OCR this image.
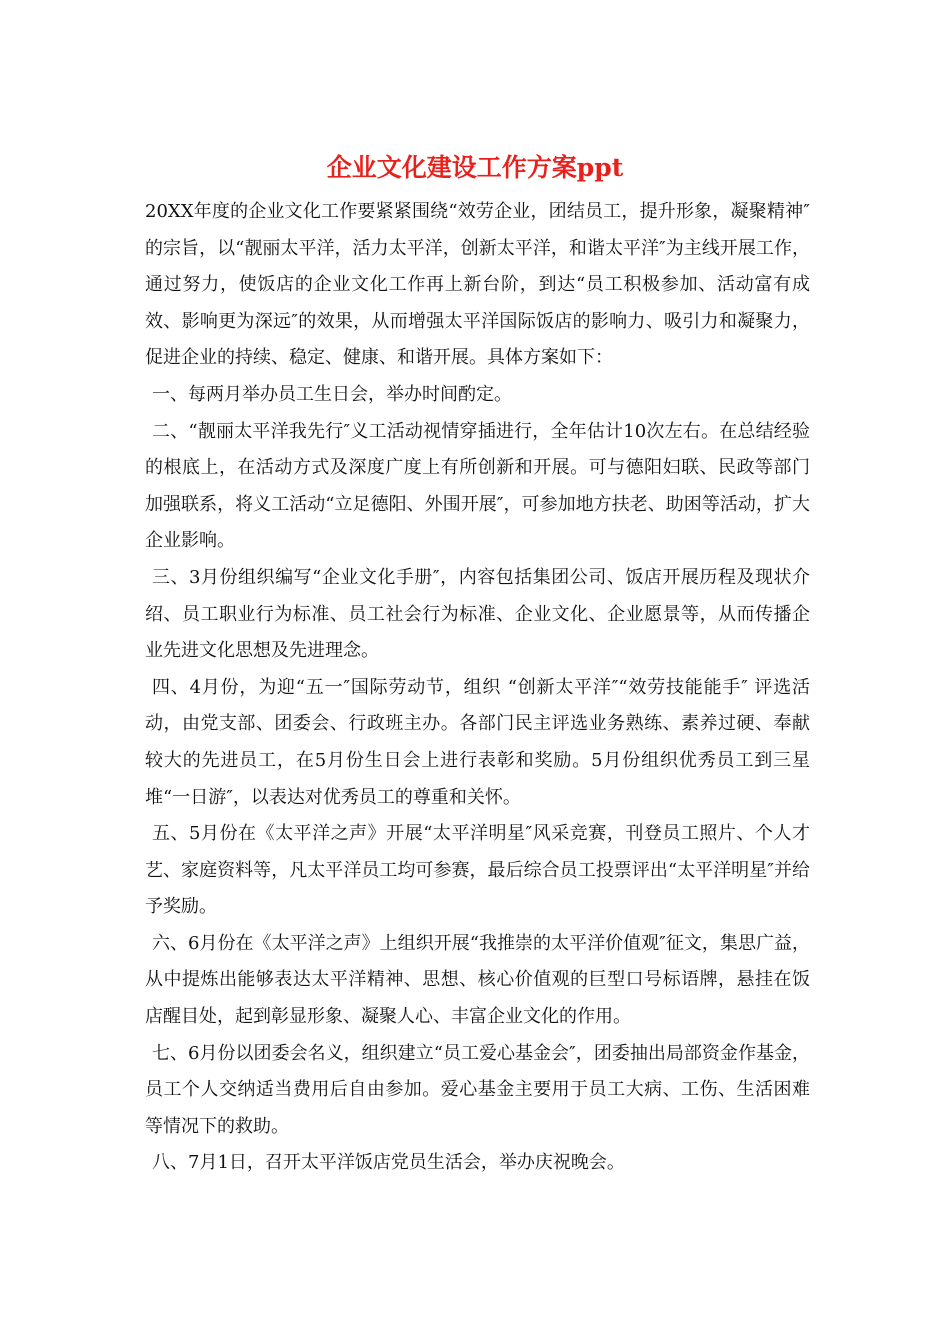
企业文化建设工作方案ppt

20XX年度的企业文化工作要紧紧围绕“效劳企业，团结员工，提升形象，凝聚精神″的宗旨，以“靓丽太平洋，活力太平洋，创新太平洋，和谐太平洋″为主线开展工作，通过努力，使饭店的企业文化工作再上新台阶，到达“员工积极参加、活动富有成效、影响更为深远″的效果，从而增强太平洋国际饭店的影响力、吸引力和凝聚力，促进企业的持续、稳定、健康、和谐开展。具体方案如下：

一、每两月举办员工生日会，举办时间酌定。

二、“靓丽太平洋我先行″义工活动视情穿插进行，全年估计10次左右。在总结经验的根底上，在活动方式及深度广度上有所创新和开展。可与德阳妇联、民政等部门加强联系，将义工活动“立足德阳、外围开展″，可参加地方扶老、助困等活动，扩大企业影响。

三、3月份组织编写“企业文化手册″，内容包括集团公司、饭店开展历程及现状介绍、员工职业行为标准、员工社会行为标准、企业文化、企业愿景等，从而传播企业先进文化思想及先进理念。

四、4月份，为迎“五一″国际劳动节，组织 “创新太平洋″“效劳技能能手″ 评选活动，由党支部、团委会、行政班主办。各部门民主评选业务熟练、素养过硬、奉献较大的先进员工，在5月份生日会上进行表彰和奖励。5月份组织优秀员工到三星堆“一日游″，以表达对优秀员工的尊重和关怀。

五、5月份在《太平洋之声》开展“太平洋明星″风采竞赛，刊登员工照片、个人才艺、家庭资料等，凡太平洋员工均可参赛，最后综合员工投票评出“太平洋明星″并给予奖励。

六、6月份在《太平洋之声》上组织开展“我推崇的太平洋价值观″征文，集思广益，从中提炼出能够表达太平洋精神、思想、核心价值观的巨型口号标语牌，悬挂在饭店醒目处，起到彰显形象、凝聚人心、丰富企业文化的作用。

七、6月份以团委会名义，组织建立“员工爱心基金会″，团委抽出局部资金作基金，员工个人交纳适当费用后自由参加。爱心基金主要用于员工大病、工伤、生活困难等情况下的救助。

八、7月1日，召开太平洋饭店党员生活会，举办庆祝晚会。
